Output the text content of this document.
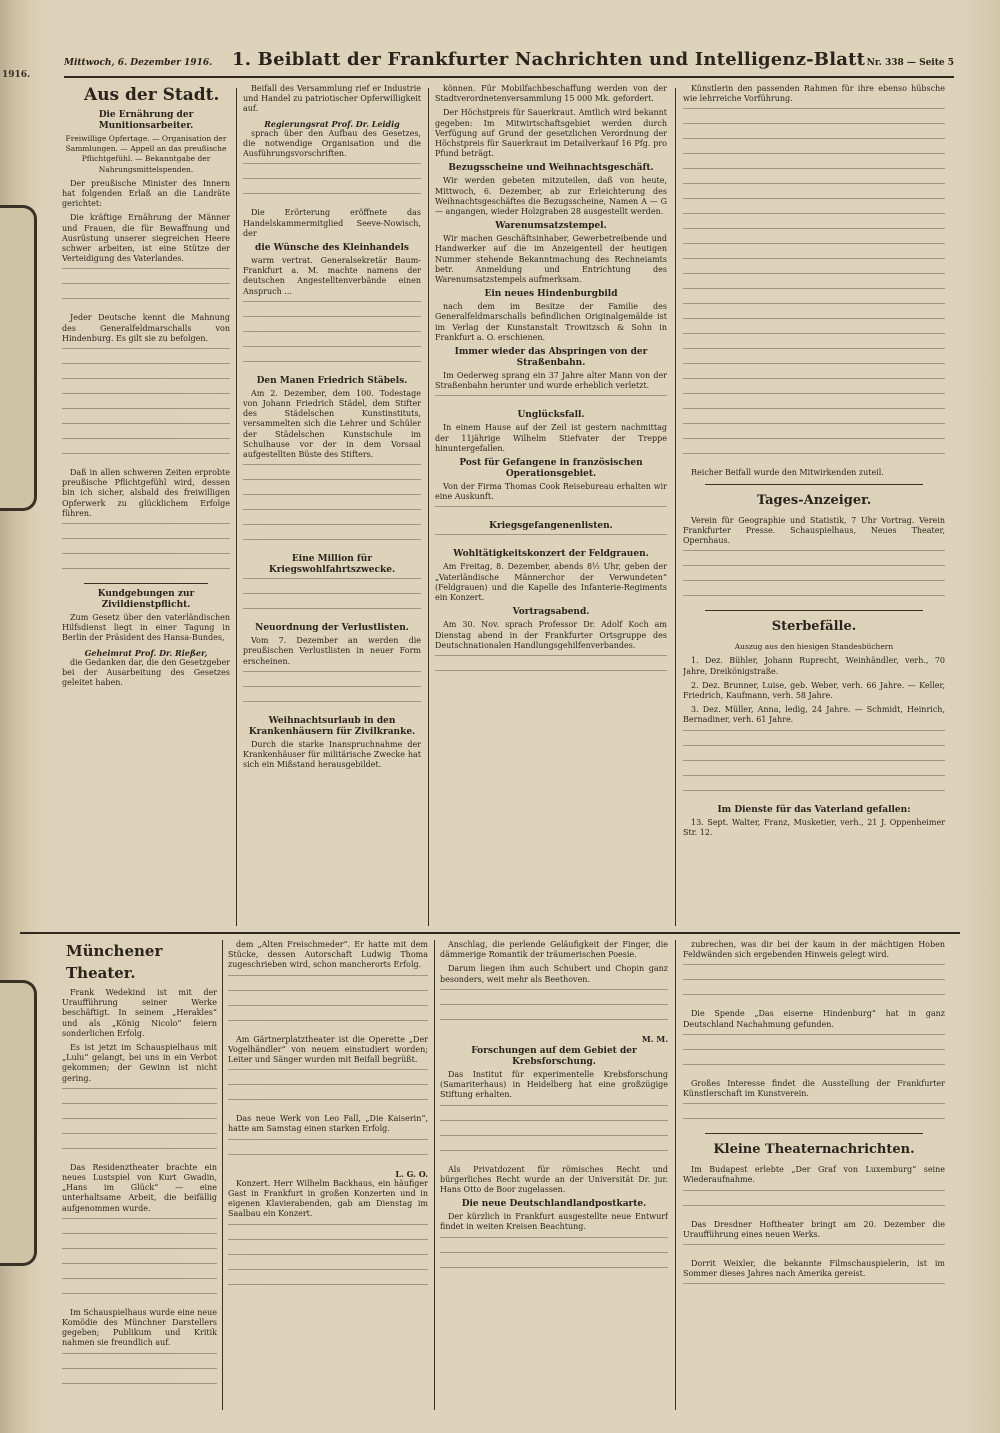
1916.
Mittwoch, 6. Dezember 1916. 1. Beiblatt der Frankfurter Nachrichten und Intelligenz-Blatt Nr. 338 — Seite 5
Aus der Stadt.
Die Ernährung der Munitionsarbeiter.
Freiwillige Opfertage. — Organisation der Sammlungen. — Appell an das preußische Pflichtgefühl. — Bekanntgabe der Nahrungsmittelspenden.

Der preußische Minister des Innern hat folgenden Erlaß an die Landräte gerichtet:

Die kräftige Ernährung der Männer und Frauen, die für Bewaffnung und Ausrüstung unserer siegreichen Heere schwer arbeiten, ist eine Stütze der Verteidigung des Vaterlandes.

Jeder Deutsche kennt die Mahnung des Generalfeldmarschalls von Hindenburg. Es gilt sie zu befolgen.

Daß in allen schweren Zeiten erprobte preußische Pflichtgefühl wird, dessen bin ich sicher, alsbald des freiwilligen Opferwerk zu glücklichem Erfolge führen.

Kundgebungen zur Zivildienstpflicht.

Zum Gesetz über den vaterländischen Hilfsdienst liegt in einer Tagung in Berlin der Präsident des Hansa-Bundes,

Geheimrat Prof. Dr. Rießer,

die Gedanken dar, die den Gesetzgeber bei der Ausarbeitung des Gesetzes geleitet haben.

Beifall des Versammlung rief er Industrie und Handel zu patriotischer Opferwilligkeit auf.

Regierungsrat Prof. Dr. Leidig

sprach über den Aufbau des Gesetzes, die notwendige Organisation und die Ausführungsvorschriften.

Die Erörterung eröffnete das Handelskammermitglied Seeve-Nowisch, der

die Wünsche des Kleinhandels

warm vertrat. Generalsekretär Baum-Frankfurt a. M. machte namens der deutschen Angestelltenverbände einen Anspruch ...

Den Manen Friedrich Stäbels.

Am 2. Dezember, dem 100. Todestage von Johann Friedrich Städel, dem Stifter des Städelschen Kunstinstituts, versammelten sich die Lehrer und Schüler der Städelschen Kunstschule im Schulhause vor der in dem Vorsaal aufgestellten Büste des Stifters.

Eine Million für Kriegswohlfahrtszwecke.
Neuordnung der Verlustlisten.

Vom 7. Dezember an werden die preußischen Verlustlisten in neuer Form erscheinen.

Weihnachtsurlaub in den Krankenhäusern für Zivilkranke.

Durch die starke Inanspruchnahme der Krankenhäuser für militärische Zwecke hat sich ein Mißstand herausgebildet.

können. Für Mobilfachbeschaffung werden von der Stadtverordnetenversammlung 15 000 Mk. gefordert.

Der Höchstpreis für Sauerkraut. Amtlich wird bekannt gegeben: Im Mitwirtschaftsgebiet werden durch Verfügung auf Grund der gesetzlichen Verordnung der Höchstpreis für Sauerkraut im Detailverkauf 16 Pfg. pro Pfund beträgt.

Bezugsscheine und Weihnachtsgeschäft.

Wir werden gebeten mitzuteilen, daß von heute, Mittwoch, 6. Dezember, ab zur Erleichterung des Weihnachtsgeschäftes die Bezugsscheine, Namen A — G — angangen, wieder Holzgraben 28 ausgestellt werden.

Warenumsatzstempel.

Wir machen Geschäftsinhaber, Gewerbetreibende und Handwerker auf die im Anzeigenteil der heutigen Nummer stehende Bekanntmachung des Rechneiamts betr. Anmeldung und Entrichtung des Warenumsatzstempels aufmerksam.

Ein neues Hindenburgbild

nach dem im Besitze der Familie des Generalfeldmarschalls befindlichen Originalgemälde ist im Verlag der Kunstanstalt Trowitzsch & Sohn in Frankfurt a. O. erschienen.

Immer wieder das Abspringen von der Straßenbahn.

Im Oederweg sprang ein 37 Jahre alter Mann von der Straßenbahn herunter und wurde erheblich verletzt.

Unglücksfall.

In einem Hause auf der Zeil ist gestern nachmittag der 11jährige Wilhelm Stiefvater der Treppe hinuntergefallen.

Post für Gefangene in französischen Operationsgebiet.

Von der Firma Thomas Cook Reisebureau erhalten wir eine Auskunft.

Kriegsgefangenenlisten.
Wohltätigkeitskonzert der Feldgrauen.

Am Freitag, 8. Dezember, abends 8½ Uhr, geben der „Vaterländische Männerchor der Verwundeten“ (Feldgrauen) und die Kapelle des Infanterie-Regiments ein Konzert.

Vortragsabend.

Am 30. Nov. sprach Professor Dr. Adolf Koch am Dienstag abend in der Frankfurter Ortsgruppe des Deutschnationalen Handlungsgehilfenverbandes.

Künstlerin den passenden Rahmen für ihre ebenso hübsche wie lehrreiche Vorführung.

Reicher Beifall wurde den Mitwirkenden zuteil.

Tages-Anzeiger.

Verein für Geographie und Statistik, 7 Uhr Vortrag. Verein Frankfurter Presse. Schauspielhaus, Neues Theater, Opernhaus.

Sterbefälle.
Auszug aus den hiesigen Standesbüchern

1. Dez. Bühler, Johann Ruprecht, Weinhändler, verh., 70 Jahre, Dreikönigstraße.

2. Dez. Brunner, Luise, geb. Weber, verh. 66 Jahre. — Keller, Friedrich, Kaufmann, verh. 58 Jahre.

3. Dez. Müller, Anna, ledig, 24 Jahre. — Schmidt, Heinrich, Bernadiner, verh. 61 Jahre.

Im Dienste für das Vaterland gefallen:

13. Sept. Walter, Franz, Musketier, verh., 21 J. Oppenheimer Str. 12.

Münchener Theater.

Frank Wedekind ist mit der Uraufführung seiner Werke beschäftigt. In seinem „Herakles“ und als „König Nicolo“ feiern sonderlichen Erfolg.

Es ist jetzt im Schauspielhaus mit „Lulu“ gelangt, bei uns in ein Verbot gekommen; der Gewinn ist nicht gering.

Das Residenztheater brachte ein neues Lustspiel von Kurt Gwadin, „Hans im Glück“ — eine unterhaltsame Arbeit, die beifällig aufgenommen wurde.

Im Schauspielhaus wurde eine neue Komödie des Münchner Darstellers gegeben; Publikum und Kritik nahmen sie freundlich auf.

dem „Alten Freischmeder“. Er hatte mit dem Stücke, dessen Autorschaft Ludwig Thoma zugeschrieben wird, schon mancherorts Erfolg.

Am Gärtnerplatztheater ist die Operette „Der Vogelhändler“ von neuem einstudiert worden; Leiter und Sänger wurden mit Beifall begrüßt.

Das neue Werk von Leo Fall, „Die Kaiserin“, hatte am Samstag einen starken Erfolg.

L. G. O.

Konzert. Herr Wilhelm Backhaus, ein häufiger Gast in Frankfurt in großen Konzerten und in eigenen Klavierabenden, gab am Dienstag im Saalbau ein Konzert.

Anschlag, die perlende Geläufigkeit der Finger, die dämmerige Romantik der träumerischen Poesie.

Darum liegen ihm auch Schubert und Chopin ganz besonders, weit mehr als Beethoven.

M. M.
Forschungen auf dem Gebiet der Krebsforschung.

Das Institut für experimentelle Krebsforschung (Samariterhaus) in Heidelberg hat eine großzügige Stiftung erhalten.

Als Privatdozent für römisches Recht und bürgerliches Recht wurde an der Universität Dr. jur. Hans Otto de Boor zugelassen.

Die neue Deutschlandlandpostkarte.

Der kürzlich in Frankfurt ausgestellte neue Entwurf findet in weiten Kreisen Beachtung.

zubrechen, was dir bei der kaum in der mächtigen Hoben Feldwänden sich ergebenden Hinweis gelegt wird.

Die Spende „Das eiserne Hindenburg“ hat in ganz Deutschland Nachahmung gefunden.

Großes Interesse findet die Ausstellung der Frankfurter Künstlerschaft im Kunstverein.

Kleine Theaternachrichten.

Im Budapest erlebte „Der Graf von Luxemburg“ seine Wiederaufnahme.

Das Dresdner Hoftheater bringt am 20. Dezember die Uraufführung eines neuen Werks.

Dorrit Weixler, die bekannte Filmschauspielerin, ist im Sommer dieses Jahres nach Amerika gereist.
